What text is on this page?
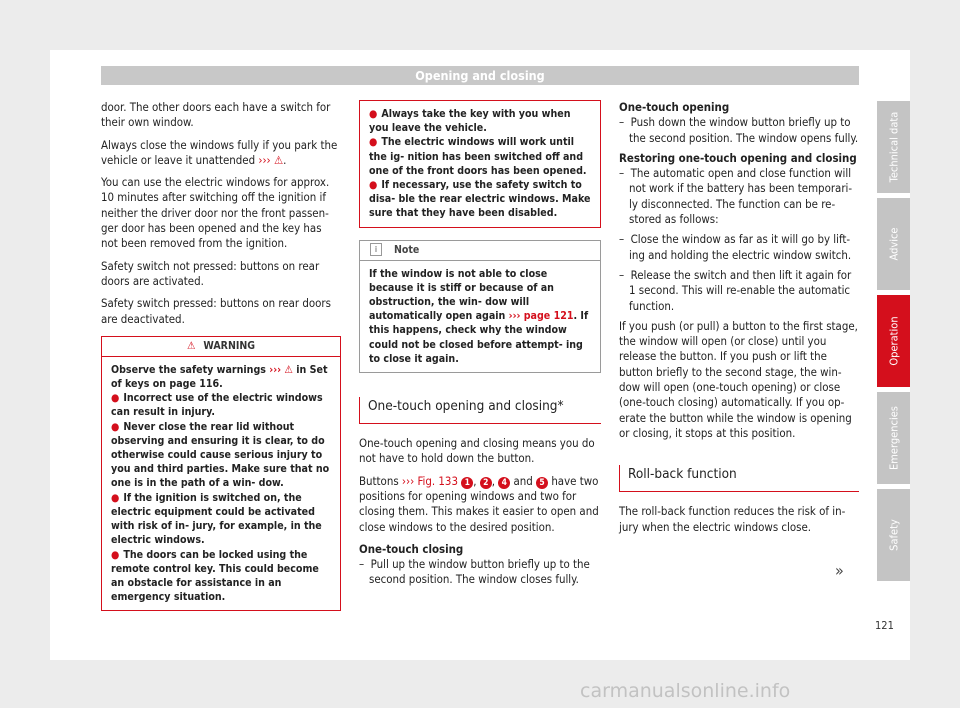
Opening and closing

door. The other doors each have a switch for their own window.

Always close the windows fully if you park the vehicle or leave it unattended ››› ⚠.

You can use the electric windows for approx. 10 minutes after switching off the ignition if neither the driver door nor the front passen- ger door has been opened and the key has not been removed from the ignition.

Safety switch not pressed: buttons on rear doors are activated.

Safety switch pressed: buttons on rear doors are deactivated.

⚠ WARNING
Observe the safety warnings ››› ⚠ in Set of keys on page 116.
● Incorrect use of the electric windows can result in injury.
● Never close the rear lid without observing and ensuring it is clear, to do otherwise could cause serious injury to you and third parties. Make sure that no one is in the path of a win- dow.
● If the ignition is switched on, the electric equipment could be activated with risk of in- jury, for example, in the electric windows.
● The doors can be locked using the remote control key. This could become an obstacle for assistance in an emergency situation.
● Always take the key with you when you leave the vehicle.
● The electric windows will work until the ig- nition has been switched off and one of the front doors has been opened.
● If necessary, use the safety switch to disa- ble the rear electric windows. Make sure that they have been disabled.
i Note
If the window is not able to close because it is stiff or because of an obstruction, the win- dow will automatically open again ››› page 121. If this happens, check why the window could not be closed before attempt- ing to close it again.
One-touch opening and closing*

One-touch opening and closing means you do not have to hold down the button.

Buttons ››› Fig. 133 1 , 2 , 4 and 5 have two positions for opening windows and two for closing them. This makes it easier to open and close windows to the desired position.

One-touch closing

–  Pull up the window button briefly up to the second position. The window closes fully.

One-touch opening

–  Push down the window button briefly up to the second position. The window opens fully.

Restoring one-touch opening and closing

–  The automatic open and close function will not work if the battery has been temporari- ly disconnected. The function can be re- stored as follows:

–  Close the window as far as it will go by lift- ing and holding the electric window switch.

–  Release the switch and then lift it again for 1 second. This will re-enable the automatic function.

If you push (or pull) a button to the first stage, the window will open (or close) until you release the button. If you push or lift the button briefly to the second stage, the win- dow will open (one-touch opening) or close (one-touch closing) automatically. If you op- erate the button while the window is opening or closing, it stops at this position.

Roll-back function

The roll-back function reduces the risk of in- jury when the electric windows close.

»
Technical data
Advice
Operation
Emergencies
Safety
121
carmanualsonline.info
